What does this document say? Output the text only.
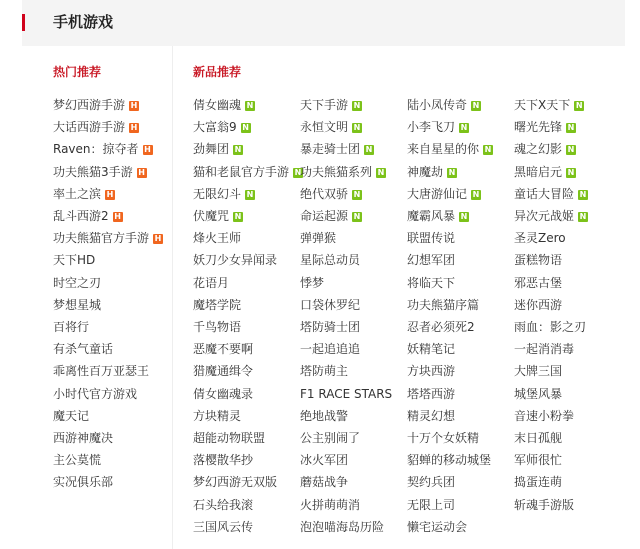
手机游戏
热门推荐	新品推荐
梦幻西游手游 H
大话西游手游 H
Raven：掠夺者 H
功夫熊猫3手游 H
率土之滨 H
乱斗西游2 H
功夫熊猫官方手游 H
天下HD
时空之刃
梦想星城
百将行
有杀气童话
乖离性百万亚瑟王
小时代官方游戏
魔天记
西游神魔决
主公莫慌
实况俱乐部
倩女幽魂 N
大富翁9 N
劲舞团 N
猫和老鼠官方手游 N
无限幻斗 N
伏魔咒 N
烽火王师
妖刀少女异闻录
花语月
魔塔学院
千鸟物语
恶魔不要啊
猎魔通缉令
倩女幽魂录
方块精灵
超能动物联盟
落樱散华抄
梦幻西游无双版
石头给我滚
三国风云传
天下手游 N
永恒文明 N
暴走骑士团 N
功夫熊猫系列 N
绝代双骄 N
命运起源 N
弹弹猴
星际总动员
悸梦
口袋休罗纪
塔防骑士团
一起追追追
塔防萌主
F1 RACE STARS
绝地战警
公主别闹了
冰火军团
蘑菇战争
火拼萌萌消
泡泡喵海岛历险
陆小凤传奇 N
小李飞刀 N
来自星星的你 N
神魔劫 N
大唐游仙记 N
魔霸风暴 N
联盟传说
幻想军团
将临天下
功夫熊猫序篇
忍者必须死2
妖精笔记
方块西游
塔塔西游
精灵幻想
十万个女妖精
貂蝉的移动城堡
契约兵团
无限上司
懒宅运动会
天下X天下 N
曙光先锋 N
魂之幻影 N
黑暗启元 N
童话大冒险 N
异次元战姬 N
圣灵Zero
蛋糕物语
邪恶古堡
迷你西游
雨血：影之刃
一起消消毒
大牌三国
城堡风暴
音速小粉拳
末日孤舰
军师很忙
捣蛋连萌
斩魂手游版
